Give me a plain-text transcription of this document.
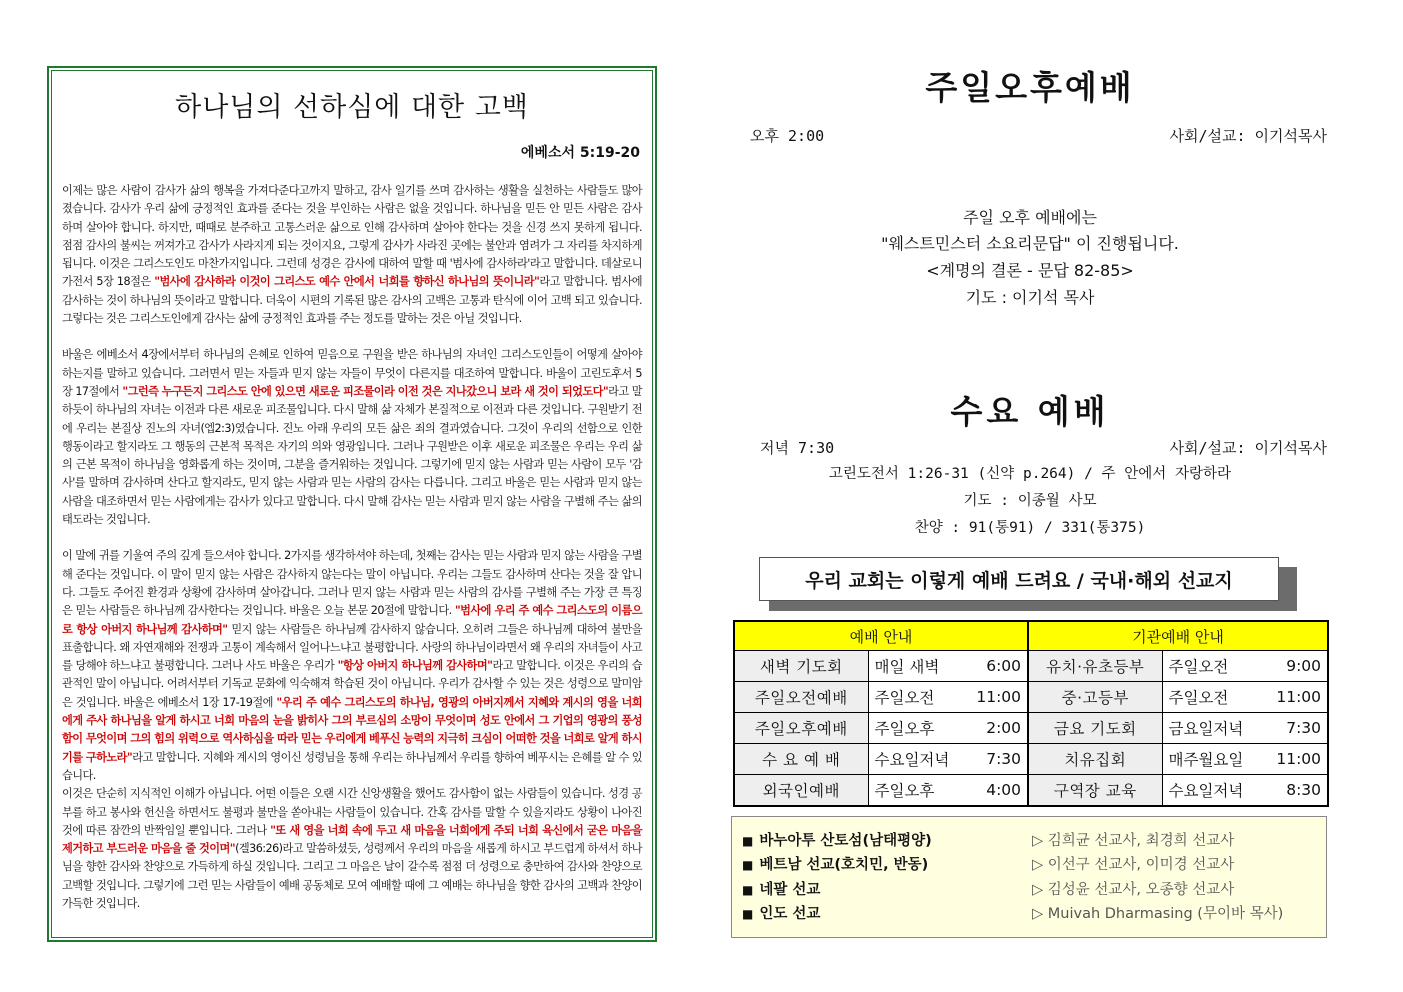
하나님의 선하심에 대한 고백
에베소서 5:19-20

이제는 많은 사람이 감사가 삶의 행복을 가져다준다고까지 말하고, 감사 일기를 쓰며 감사하는 생활을 실천하는 사람들도 많아졌습니다. 감사가 우리 삶에 긍정적인 효과를 준다는 것을 부인하는 사람은 없을 것입니다. 하나님을 믿든 안 믿든 사람은 감사하며 살아야 합니다. 하지만, 때때로 분주하고 고통스러운 삶으로 인해 감사하며 살아야 한다는 것을 신경 쓰지 못하게 됩니다. 점점 감사의 불씨는 꺼져가고 감사가 사라지게 되는 것이지요, 그렇게 감사가 사라진 곳에는 불안과 염려가 그 자리를 차지하게 됩니다. 이것은 그리스도인도 마찬가지입니다. 그런데 성경은 감사에 대하여 말할 때 '범사에 감사하라'라고 말합니다. 데살로니가전서 5장 18절은 "범사에 감사하라 이것이 그리스도 예수 안에서 너희를 향하신 하나님의 뜻이니라"라고 말합니다. 범사에 감사하는 것이 하나님의 뜻이라고 말합니다. 더욱이 시편의 기록된 많은 감사의 고백은 고통과 탄식에 이어 고백 되고 있습니다. 그렇다는 것은 그리스도인에게 감사는 삶에 긍정적인 효과를 주는 정도를 말하는 것은 아닐 것입니다.

바울은 에베소서 4장에서부터 하나님의 은혜로 인하여 믿음으로 구원을 받은 하나님의 자녀인 그리스도인들이 어떻게 살아야 하는지를 말하고 있습니다. 그러면서 믿는 자들과 믿지 않는 자들이 무엇이 다른지를 대조하여 말합니다. 바울이 고린도후서 5장 17절에서 "그런즉 누구든지 그리스도 안에 있으면 새로운 피조물이라 이전 것은 지나갔으니 보라 새 것이 되었도다"라고 말하듯이 하나님의 자녀는 이전과 다른 새로운 피조물입니다. 다시 말해 삶 자체가 본질적으로 이전과 다른 것입니다. 구원받기 전에 우리는 본질상 진노의 자녀(엡2:3)였습니다. 진노 아래 우리의 모든 삶은 죄의 결과였습니다. 그것이 우리의 선함으로 인한 행동이라고 할지라도 그 행동의 근본적 목적은 자기의 의와 영광입니다. 그러나 구원받은 이후 새로운 피조물은 우리는 우리 삶의 근본 목적이 하나님을 영화롭게 하는 것이며, 그분을 즐거워하는 것입니다. 그렇기에 믿지 않는 사람과 믿는 사람이 모두 '감사'를 말하며 감사하며 산다고 할지라도, 믿지 않는 사람과 믿는 사람의 감사는 다릅니다. 그리고 바울은 믿는 사람과 믿지 않는 사람을 대조하면서 믿는 사람에게는 감사가 있다고 말합니다. 다시 말해 감사는 믿는 사람과 믿지 않는 사람을 구별해 주는 삶의 태도라는 것입니다.

이 말에 귀를 기울여 주의 깊게 들으셔야 합니다. 2가지를 생각하셔야 하는데, 첫째는 감사는 믿는 사람과 믿지 않는 사람을 구별해 준다는 것입니다. 이 말이 믿지 않는 사람은 감사하지 않는다는 말이 아닙니다. 우리는 그들도 감사하며 산다는 것을 잘 압니다. 그들도 주어진 환경과 상황에 감사하며 살아갑니다. 그러나 믿지 않는 사람과 믿는 사람의 감사를 구별해 주는 가장 큰 특징은 믿는 사람들은 하나님께 감사한다는 것입니다. 바울은 오늘 본문 20절에 말합니다. "범사에 우리 주 예수 그리스도의 이름으로 항상 아버지 하나님께 감사하며" 믿지 않는 사람들은 하나님께 감사하지 않습니다. 오히려 그들은 하나님께 대하여 불만을 표출합니다. 왜 자연재해와 전쟁과 고통이 계속해서 일어나느냐고 불평합니다. 사랑의 하나님이라면서 왜 우리의 자녀들이 사고를 당해야 하느냐고 불평합니다. 그러나 사도 바울은 우리가 "항상 아버지 하나님께 감사하며"라고 말합니다. 이것은 우리의 습관적인 말이 아닙니다. 어려서부터 기독교 문화에 익숙해져 학습된 것이 아닙니다. 우리가 감사할 수 있는 것은 성령으로 말미암은 것입니다. 바울은 에베소서 1장 17-19절에 "우리 주 예수 그리스도의 하나님, 영광의 아버지께서 지혜와 계시의 영을 너희에게 주사 하나님을 알게 하시고 너희 마음의 눈을 밝히사 그의 부르심의 소망이 무엇이며 성도 안에서 그 기업의 영광의 풍성함이 무엇이며 그의 힘의 위력으로 역사하심을 따라 믿는 우리에게 베푸신 능력의 지극히 크심이 어떠한 것을 너희로 알게 하시기를 구하노라"라고 말합니다. 지혜와 계시의 영이신 성령님을 통해 우리는 하나님께서 우리를 향하여 베푸시는 은혜를 알 수 있습니다.

이것은 단순히 지식적인 이해가 아닙니다. 어떤 이들은 오랜 시간 신앙생활을 했어도 감사함이 없는 사람들이 있습니다. 성경 공부를 하고 봉사와 헌신을 하면서도 불평과 불만을 쏟아내는 사람들이 있습니다. 간혹 감사를 말할 수 있을지라도 상황이 나아진 것에 따른 잠깐의 반짝임일 뿐입니다. 그러나 "또 새 영을 너희 속에 두고 새 마음을 너희에게 주되 너희 육신에서 굳은 마음을 제거하고 부드러운 마음을 줄 것이며"(겔36:26)라고 말씀하셨듯, 성령께서 우리의 마음을 새롭게 하시고 부드럽게 하셔서 하나님을 향한 감사와 찬양으로 가득하게 하실 것입니다. 그리고 그 마음은 날이 갈수록 점점 더 성령으로 충만하여 감사와 찬양으로 고백할 것입니다. 그렇기에 그런 믿는 사람들이 예배 공동체로 모여 예배할 때에 그 예배는 하나님을 향한 감사의 고백과 찬양이 가득한 것입니다.

주일오후예배
오후 2:00	사회/설교: 이기석목사
주일 오후 예배에는
"웨스트민스터 소요리문답" 이 진행됩니다.
<계명의 결론 - 문답 82-85>
기도 : 이기석 목사
수요 예배
저녁 7:30	사회/설교: 이기석목사
고린도전서 1:26-31 (신약 p.264) / 주 안에서 자랑하라
기도 : 이종월 사모
찬양 : 91(통91) / 331(통375)
우리 교회는 이렇게 예배 드려요 / 국내·해외 선교지
예배 안내		기관예배 안내	
새벽 기도회	매일 새벽 6:00	유치·유초등부	주일오전 9:00

주일오전예배	주일오전 11:00	중·고등부	주일오전 11:00

주일오후예배	주일오후 2:00	금요 기도회	금요일저녁 7:30

수 요 예 배	수요일저녁 7:30	치유집회	매주월요일 11:00

외국인예배	주일오후 4:00	구역장 교육	수요일저녁 8:30
■ 바누아투 산토섬(남태평양)	▷ 김희균 선교사, 최경희 선교사
■ 베트남 선교(호치민, 반동)	▷ 이선구 선교사, 이미경 선교사
■ 네팔 선교	▷ 김성윤 선교사, 오종향 선교사
■ 인도 선교	▷ Muivah Dharmasing (무이바 목사)
